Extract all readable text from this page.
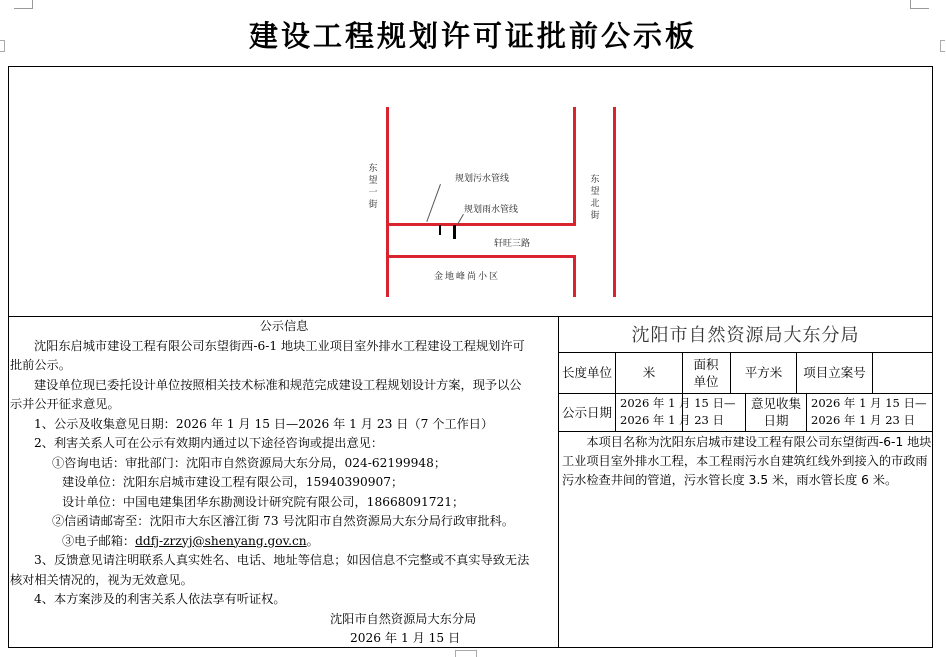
建设工程规划许可证批前公示板
东望一街
东望北街
规划污水管线
规划雨水管线
轩旺三路
金地峰尚小区

公示信息

沈阳东启城市建设工程有限公司东望街西-6-1 地块工业项目室外排水工程建设工程规划许可

批前公示。

建设单位现已委托设计单位按照相关技术标准和规范完成建设工程规划设计方案，现予以公

示并公开征求意见。

1、公示及收集意见日期：2026 年 1 月 15 日—2026 年 1 月 23 日（7 个工作日）

2、利害关系人可在公示有效期内通过以下途径咨询或提出意见：

①咨询电话：审批部门：沈阳市自然资源局大东分局，024-62199948；

建设单位：沈阳东启城市建设工程有限公司，15940390907；

设计单位：中国电建集团华东勘测设计研究院有限公司，18668091721；

②信函请邮寄至：沈阳市大东区濬江街 73 号沈阳市自然资源局大东分局行政审批科。

③电子邮箱：ddfj-zrzyj@shenyang.gov.cn。

3、反馈意见请注明联系人真实姓名、电话、地址等信息；如因信息不完整或不真实导致无法

核对相关情况的，视为无效意见。

4、本方案涉及的利害关系人依法享有听证权。

沈阳市自然资源局大东分局

2026 年 1 月 15 日

沈阳市自然资源局大东分局
长度单位	米
面积单位
平方米	项目立案号
公示日期
2026 年 1 月 15 日—
2026 年 1 月 23 日
意见收集日期
2026 年 1 月 15 日—
2026 年 1 月 23 日

本项目名称为沈阳东启城市建设工程有限公司东望街西-6-1 地块工业项目室外排水工程，本工程雨污水自建筑红线外到接入的市政雨污水检查井间的管道，污水管长度 3.5 米，雨水管长度 6 米。
